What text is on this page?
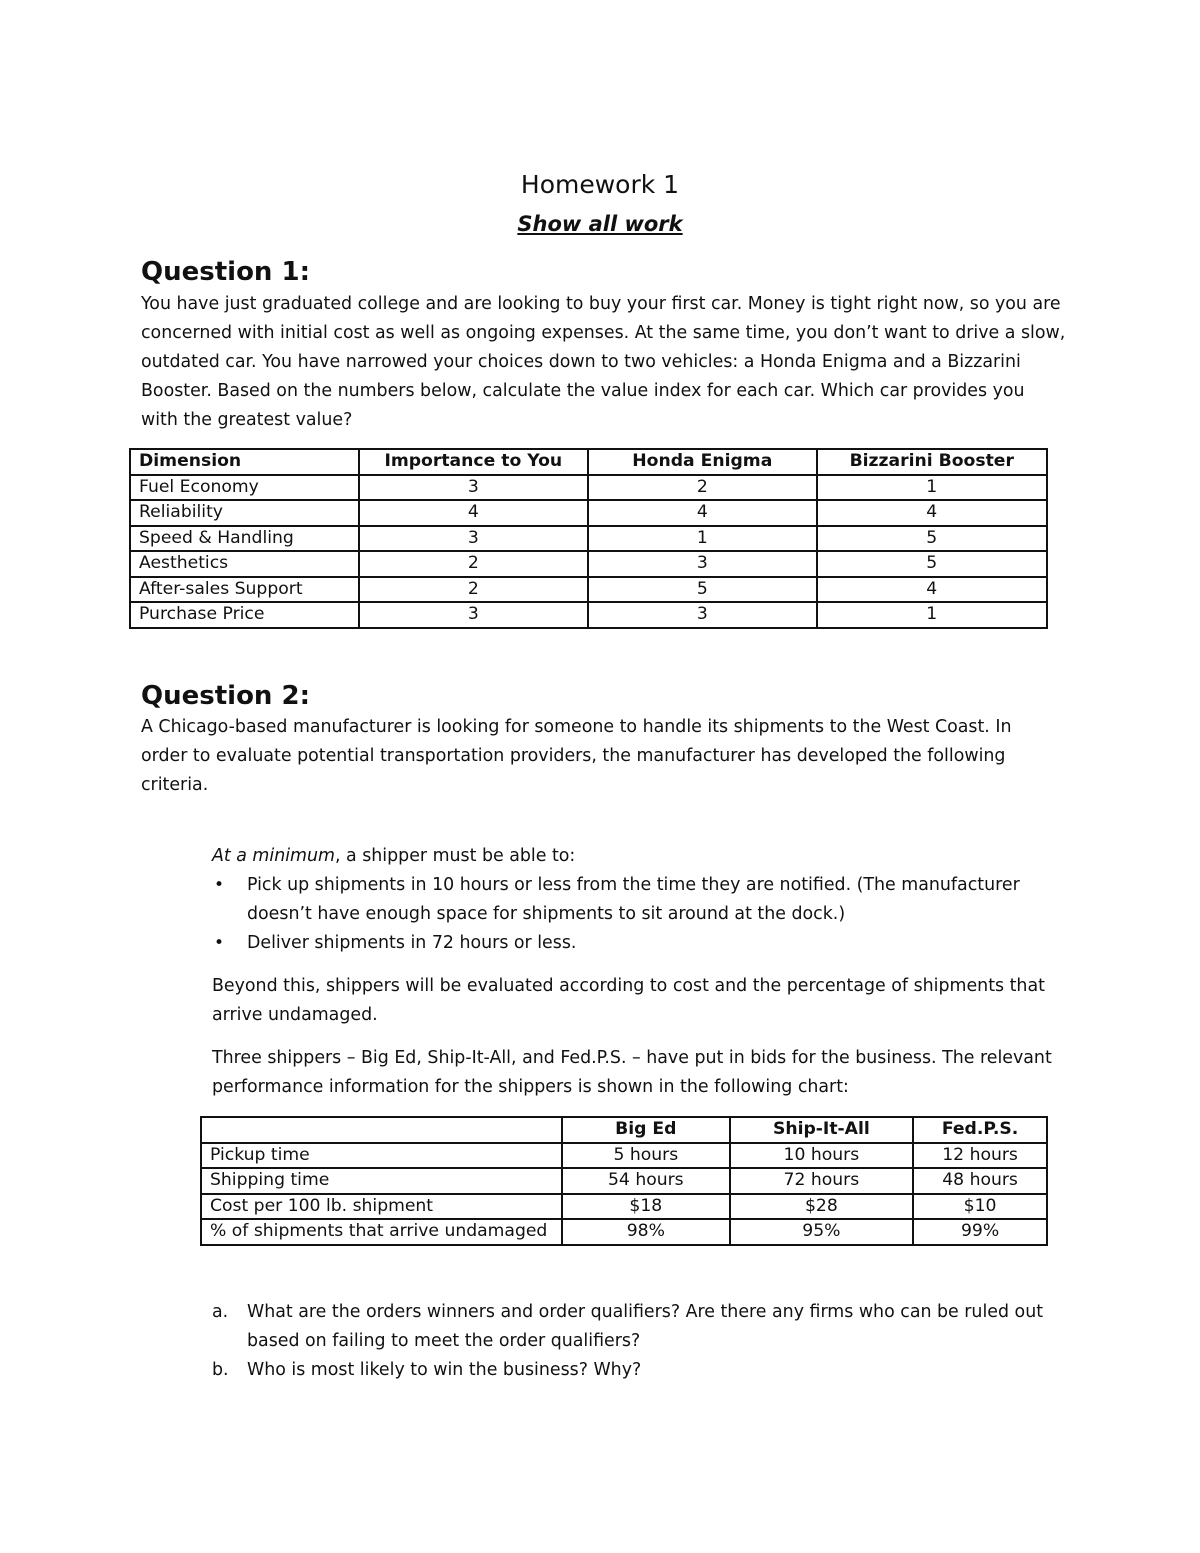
Homework 1
Show all work
Question 1:

You have just graduated college and are looking to buy your first car. Money is tight right now, so you are concerned with initial cost as well as ongoing expenses. At the same time, you don’t want to drive a slow, outdated car. You have narrowed your choices down to two vehicles: a Honda Enigma and a Bizzarini Booster. Based on the numbers below, calculate the value index for each car. Which car provides you with the greatest value?

Dimension	Importance to You	Honda Enigma	Bizzarini Booster
Fuel Economy	3	2	1
Reliability	4	4	4
Speed & Handling	3	1	5
Aesthetics	2	3	5
After-sales Support	2	5	4
Purchase Price	3	3	1
Question 2:

A Chicago-based manufacturer is looking for someone to handle its shipments to the West Coast. In order to evaluate potential transportation providers, the manufacturer has developed the following criteria.

At a minimum, a shipper must be able to:

•	Pick up shipments in 10 hours or less from the time they are notified. (The manufacturer doesn’t have enough space for shipments to sit around at the dock.)
•	Deliver shipments in 72 hours or less.

Beyond this, shippers will be evaluated according to cost and the percentage of shipments that arrive undamaged.

Three shippers – Big Ed, Ship-It-All, and Fed.P.S. – have put in bids for the business. The relevant performance information for the shippers is shown in the following chart:

	Big Ed	Ship-It-All	Fed.P.S.
Pickup time	5 hours	10 hours	12 hours
Shipping time	54 hours	72 hours	48 hours
Cost per 100 lb. shipment	$18	$28	$10
% of shipments that arrive undamaged	98%	95%	99%
a. What are the orders winners and order qualifiers? Are there any firms who can be ruled out based on failing to meet the order qualifiers?
b. Who is most likely to win the business? Why?
